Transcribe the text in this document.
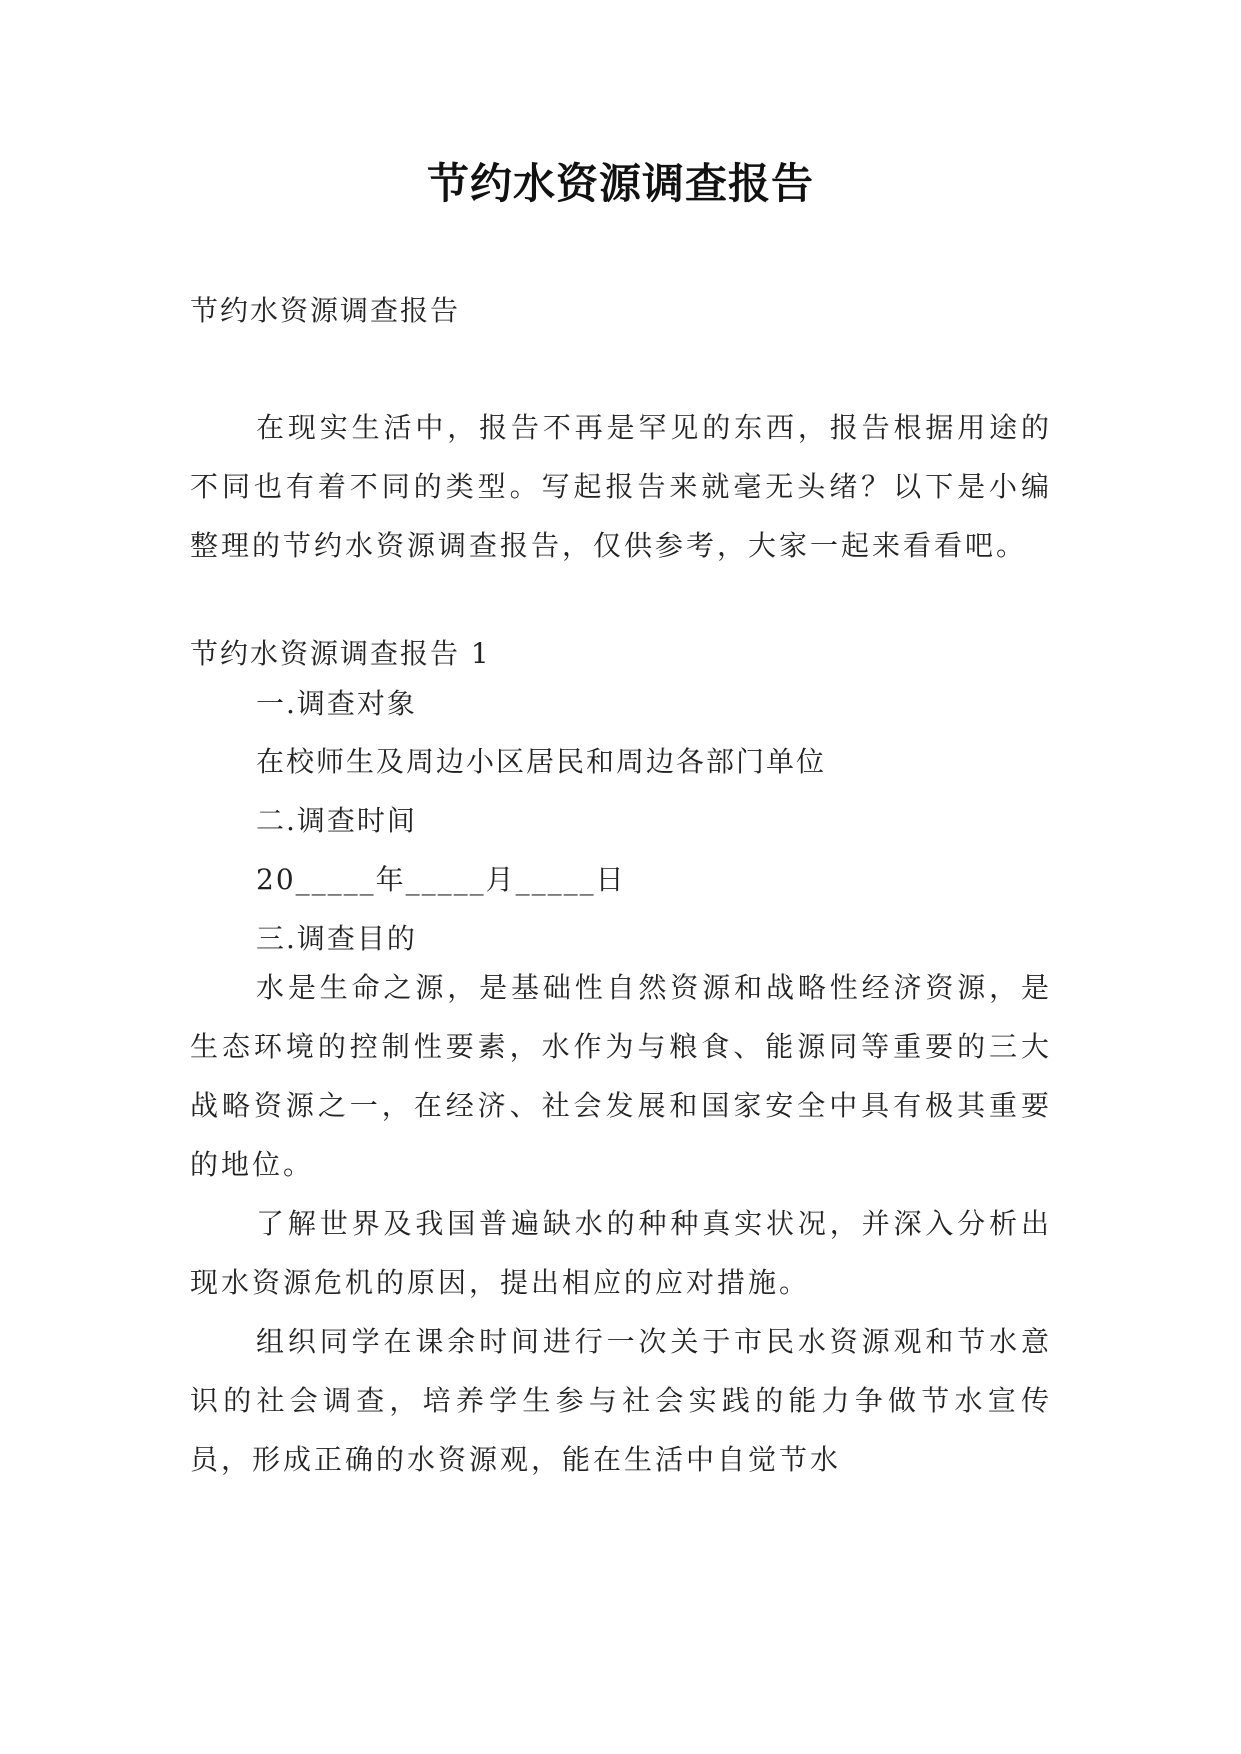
节约水资源调查报告
节约水资源调查报告

在现实生活中，报告不再是罕见的东西，报告根据用途的不同也有着不同的类型。写起报告来就毫无头绪？以下是小编整理的节约水资源调查报告，仅供参考，大家一起来看看吧。

节约水资源调查报告 1
一.调查对象
在校师生及周边小区居民和周边各部门单位
二.调查时间
20_____年_____月_____日
三.调查目的

水是生命之源，是基础性自然资源和战略性经济资源，是生态环境的控制性要素，水作为与粮食、能源同等重要的三大战略资源之一，在经济、社会发展和国家安全中具有极其重要的地位。

了解世界及我国普遍缺水的种种真实状况，并深入分析出现水资源危机的原因，提出相应的应对措施。

组织同学在课余时间进行一次关于市民水资源观和节水意识的社会调查，培养学生参与社会实践的能力争做节水宣传员，形成正确的水资源观，能在生活中自觉节水
